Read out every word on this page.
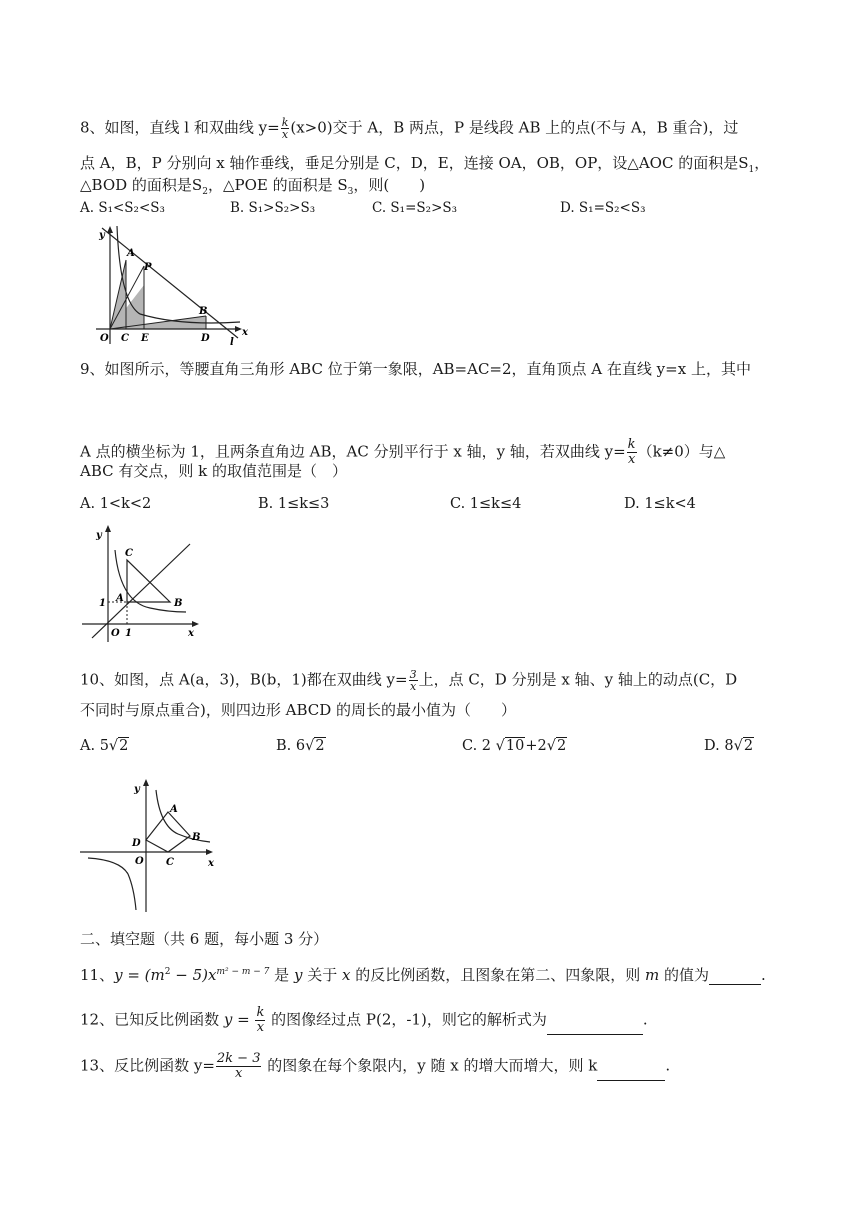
8、如图，直线 l 和双曲线 $y= \frac{k}{x} (x>0)$交于 A，B 两点，P 是线段 AB 上的点(不与 A，B 重合)，过
点 A，B，P 分别向 x 轴作垂线，垂足分别是 C，D，E，连接 OA，OB，OP，设△AOC 的面积是$S_1$，
△BOD 的面积是$S_2$，△POE 的面积是 $S_3$，则(　　)
A. S₁<S₂<S₃	B. S₁>S₂>S₃	C. S₁=S₂>S₃	D. S₁=S₂<S₃
y
A
P
B
O C E	D
x
l
9、如图所示，等腰直角三角形 ABC 位于第一象限，AB=AC=2，直角顶点 A 在直线 y=x 上，其中
A 点的横坐标为 1，且两条直角边 AB，AC 分别平行于 x 轴，y 轴，若双曲线 $y= \frac{k}{x} (k\ne 0)$与△
ABC 有交点，则 k 的取值范围是（　）
A. 1<k<2	B. 1≤k≤3	C. 1≤k≤4	D. 1≤k<4
y
C
A	B
1
O 1	x
10、如图，点 A(a，3)，B(b，1)都在双曲线 $y= \frac{3}{x}$ 上，点 C，D 分别是 x 轴、y 轴上的动点(C，D
不同时与原点重合)，则四边形 ABCD 的周长的最小值为（　　）
A. 5√2	B. 6√2	C. 2 √10+2√2	D. 8√2
y
A
B
D
O C	x
二、填空题（共 6 题，每小题 3 分）
11、$y = (m^2 - 5)x^{m^2 - m - 7}$ 是 y 关于 x 的反比例函数，且图象在第二、四象限，则 m 的值为	.
12、已知反比例函数 $y = \frac{k}{x}$ 的图像经过点 P(2，-1)，则它的解析式为	.
13、反比例函数 $y= \frac{2k - 3}{x}$ 的图象在每个象限内，y 随 x 的增大而增大，则 k	.
